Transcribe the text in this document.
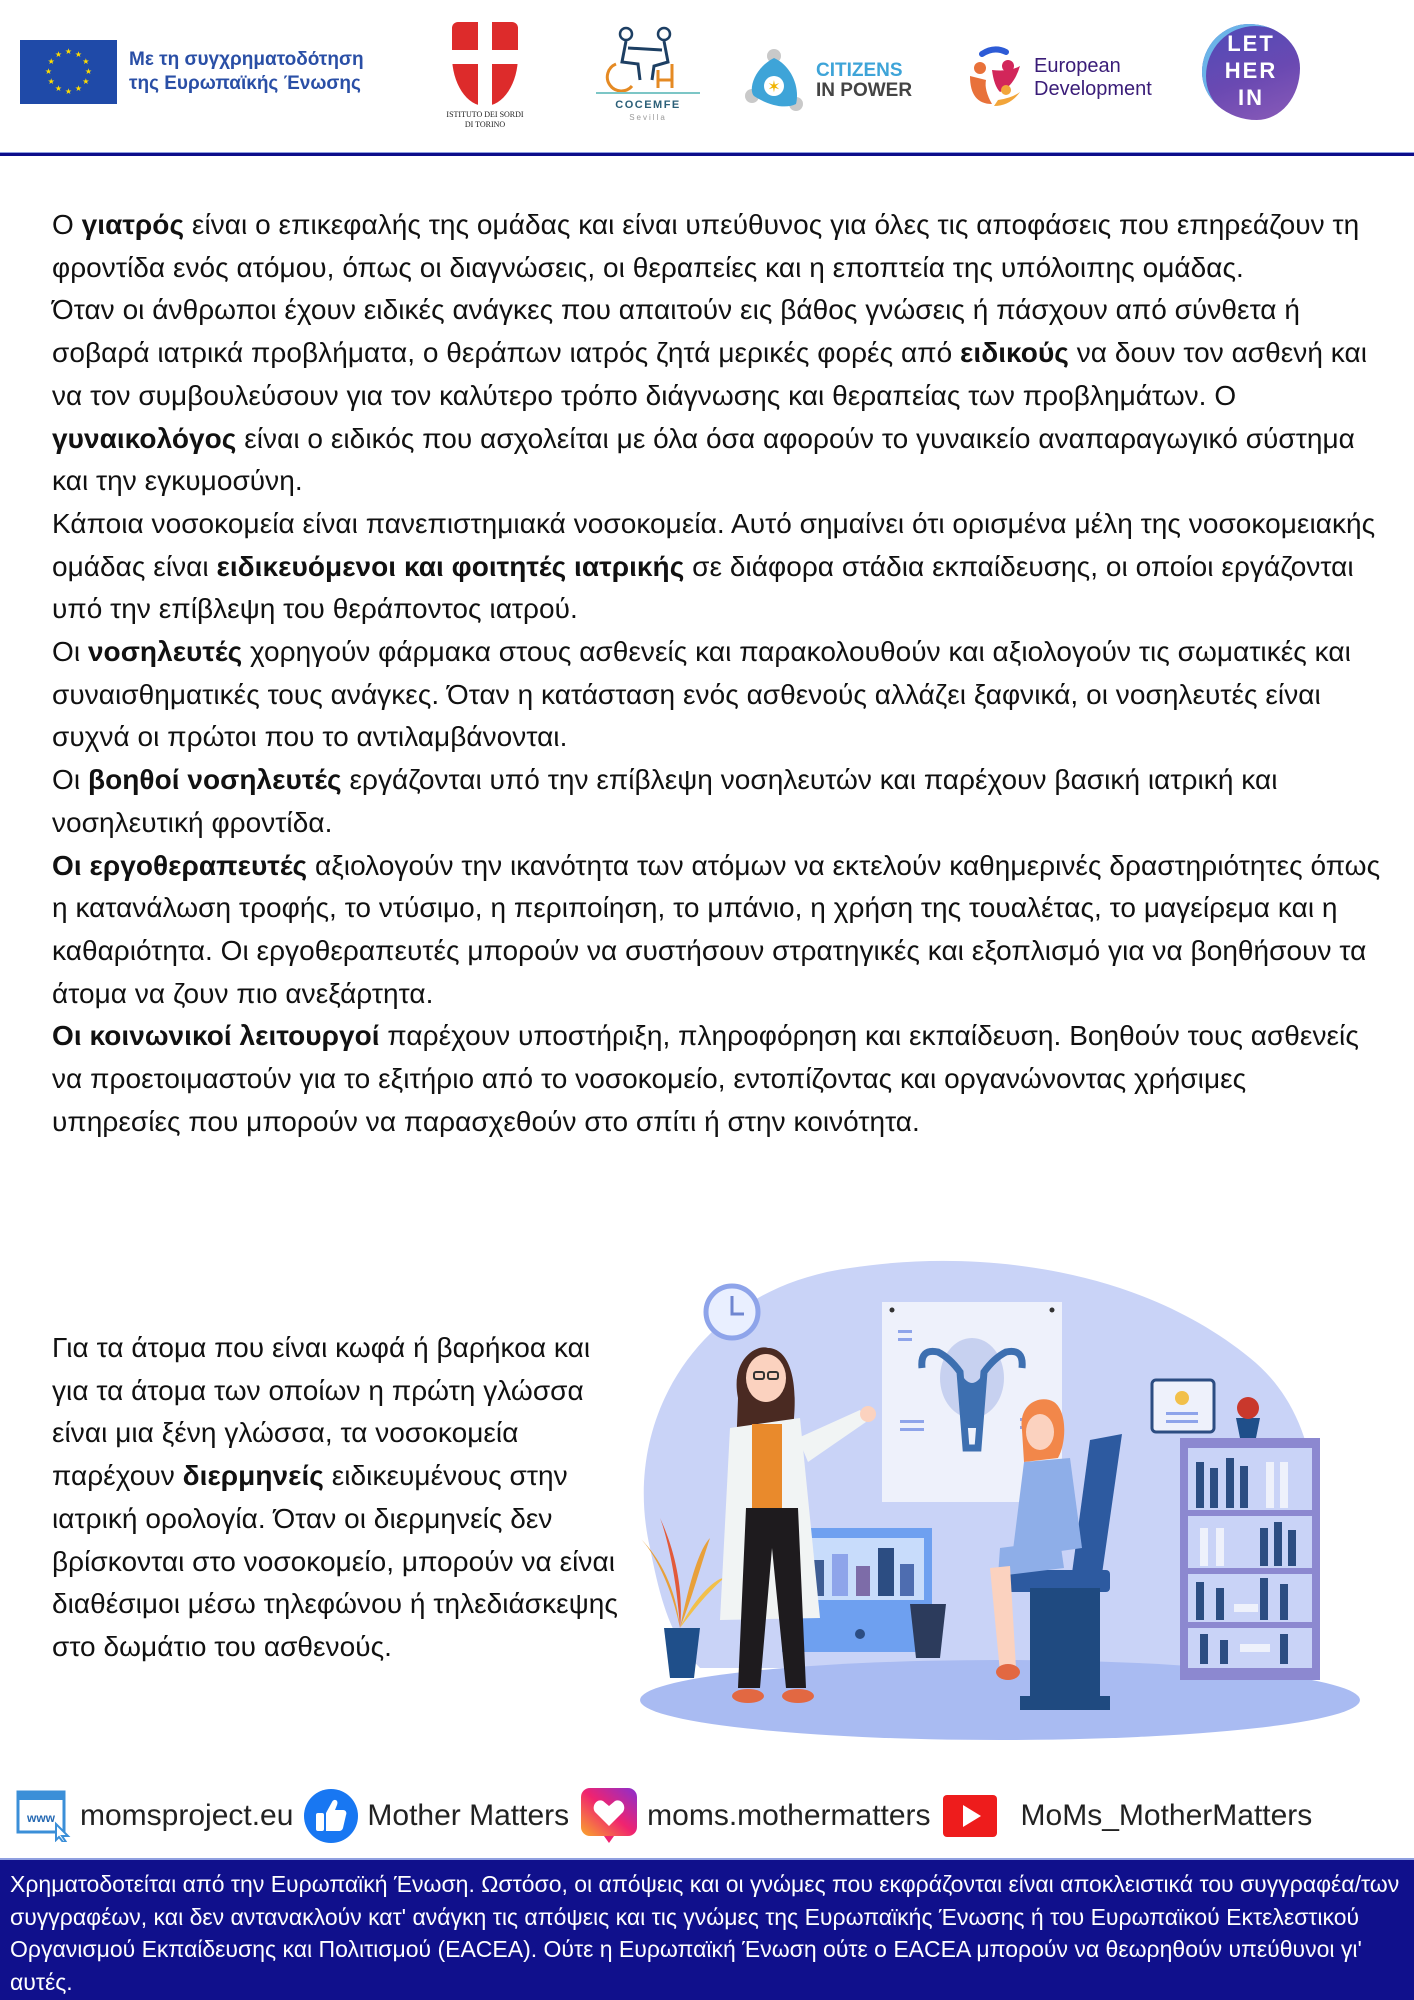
★
★
★
★
★
★
★
★
★ ★ ★
★ Με τη συγχρηματοδότηση
της Ευρωπαϊκής Ένωσης
ISTITUTO DEI SORDI
DI TORINO
COCEMFE
Sevilla
✶
CITIZENS
IN POWER
European
Development
LET
HER
IN
Ο γιατρός είναι ο επικεφαλής της ομάδας και είναι υπεύθυνος για όλες τις αποφάσεις που επηρεάζουν τη φροντίδα ενός ατόμου, όπως οι διαγνώσεις, οι θεραπείες και η εποπτεία της υπόλοιπης ομάδας.
Όταν οι άνθρωποι έχουν ειδικές ανάγκες που απαιτούν εις βάθος γνώσεις ή πάσχουν από σύνθετα ή σοβαρά ιατρικά προβλήματα, ο θεράπων ιατρός ζητά μερικές φορές από ειδικούς να δουν τον ασθενή και να τον συμβουλεύσουν για τον καλύτερο τρόπο διάγνωσης και θεραπείας των προβλημάτων. Ο γυναικολόγος είναι ο ειδικός που ασχολείται με όλα όσα αφορούν το γυναικείο αναπαραγωγικό σύστημα και την εγκυμοσύνη.
Κάποια νοσοκομεία είναι πανεπιστημιακά νοσοκομεία. Αυτό σημαίνει ότι ορισμένα μέλη της νοσοκομειακής ομάδας είναι ειδικευόμενοι και φοιτητές ιατρικής σε διάφορα στάδια εκπαίδευσης, οι οποίοι εργάζονται υπό την επίβλεψη του θεράποντος ιατρού.
Οι νοσηλευτές χορηγούν φάρμακα στους ασθενείς και παρακολουθούν και αξιολογούν τις σωματικές και συναισθηματικές τους ανάγκες. Όταν η κατάσταση ενός ασθενούς αλλάζει ξαφνικά, οι νοσηλευτές είναι συχνά οι πρώτοι που το αντιλαμβάνονται.
Οι βοηθοί νοσηλευτές εργάζονται υπό την επίβλεψη νοσηλευτών και παρέχουν βασική ιατρική και νοσηλευτική φροντίδα.
Οι εργοθεραπευτές αξιολογούν την ικανότητα των ατόμων να εκτελούν καθημερινές δραστηριότητες όπως η κατανάλωση τροφής, το ντύσιμο, η περιποίηση, το μπάνιο, η χρήση της τουαλέτας, το μαγείρεμα και η καθαριότητα. Οι εργοθεραπευτές μπορούν να συστήσουν στρατηγικές και εξοπλισμό για να βοηθήσουν τα άτομα να ζουν πιο ανεξάρτητα.
Οι κοινωνικοί λειτουργοί παρέχουν υποστήριξη, πληροφόρηση και εκπαίδευση. Βοηθούν τους ασθενείς να προετοιμαστούν για το εξιτήριο από το νοσοκομείο, εντοπίζοντας και οργανώνοντας χρήσιμες υπηρεσίες που μπορούν να παρασχεθούν στο σπίτι ή στην κοινότητα.
Για τα άτομα που είναι κωφά ή βαρήκοα και για τα άτομα των οποίων η πρώτη γλώσσα είναι μια ξένη γλώσσα, τα νοσοκομεία παρέχουν διερμηνείς ειδικευμένους στην ιατρική ορολογία. Όταν οι διερμηνείς δεν βρίσκονται στο νοσοκομείο, μπορούν να είναι διαθέσιμοι μέσω τηλεφώνου ή τηλεδιάσκεψης στο δωμάτιο του ασθενούς.
www momsproject.eu Mother Matters	moms.mothermatters	MoMs_MotherMatters
Χρηματοδοτείται από την Ευρωπαϊκή Ένωση. Ωστόσο, οι απόψεις και οι γνώμες που εκφράζονται είναι αποκλειστικά του συγγραφέα/των συγγραφέων, και δεν αντανακλούν κατ' ανάγκη τις απόψεις και τις γνώμες της Ευρωπαϊκής Ένωσης ή του Ευρωπαϊκού Εκτελεστικού Οργανισμού Εκπαίδευσης και Πολιτισμού (EACEA). Ούτε η Ευρωπαϊκή Ένωση ούτε ο EACEA μπορούν να θεωρηθούν υπεύθυνοι γι' αυτές.
